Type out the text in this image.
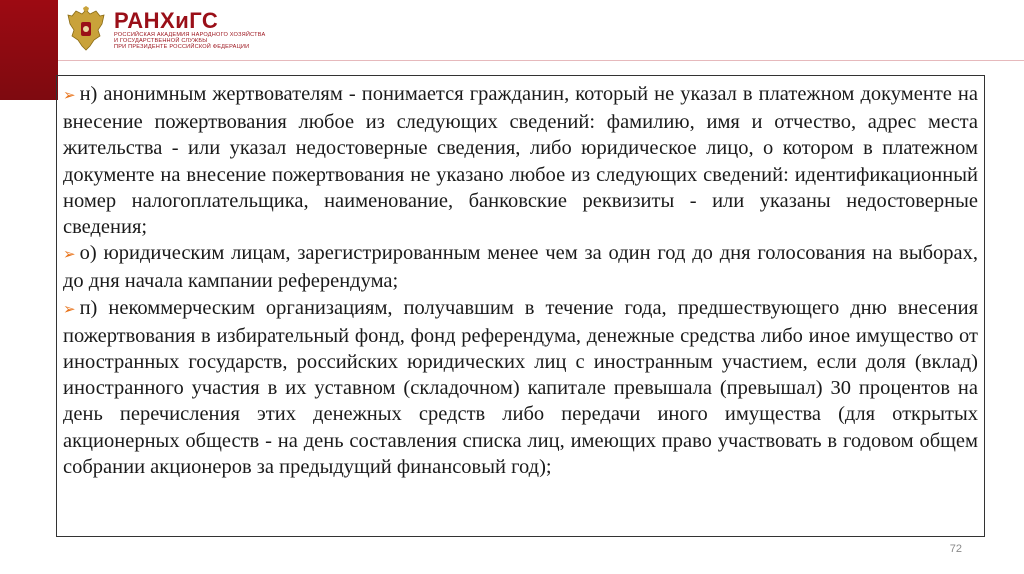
РАНХиГС
РОССИЙСКАЯ АКАДЕМИЯ НАРОДНОГО ХОЗЯЙСТВА
И ГОСУДАРСТВЕННОЙ СЛУЖБЫ
ПРИ ПРЕЗИДЕНТЕ РОССИЙСКОЙ ФЕДЕРАЦИИ

➢ н) анонимным жертвователям - понимается гражданин, который не указал в платежном документе на внесение пожертвования любое из следующих сведений: фамилию, имя и отчество, адрес места жительства - или указал недостоверные сведения, либо юридическое лицо, о котором в платежном документе на внесение пожертвования не указано любое из следующих сведений: идентификационный номер налогоплательщика, наименование, банковские реквизиты - или указаны недостоверные сведения;

➢ о) юридическим лицам, зарегистрированным менее чем за один год до дня голосования на выборах, до дня начала кампании референдума;

➢ п) некоммерческим организациям, получавшим в течение года, предшествующего дню внесения пожертвования в избирательный фонд, фонд референдума, денежные средства либо иное имущество от иностранных государств, российских юридических лиц с иностранным участием, если доля (вклад) иностранного участия в их уставном (складочном) капитале превышала (превышал) 30 процентов на день перечисления этих денежных средств либо передачи иного имущества (для открытых акционерных обществ - на день составления списка лиц, имеющих право участвовать в годовом общем собрании акционеров за предыдущий финансовый год);

72
